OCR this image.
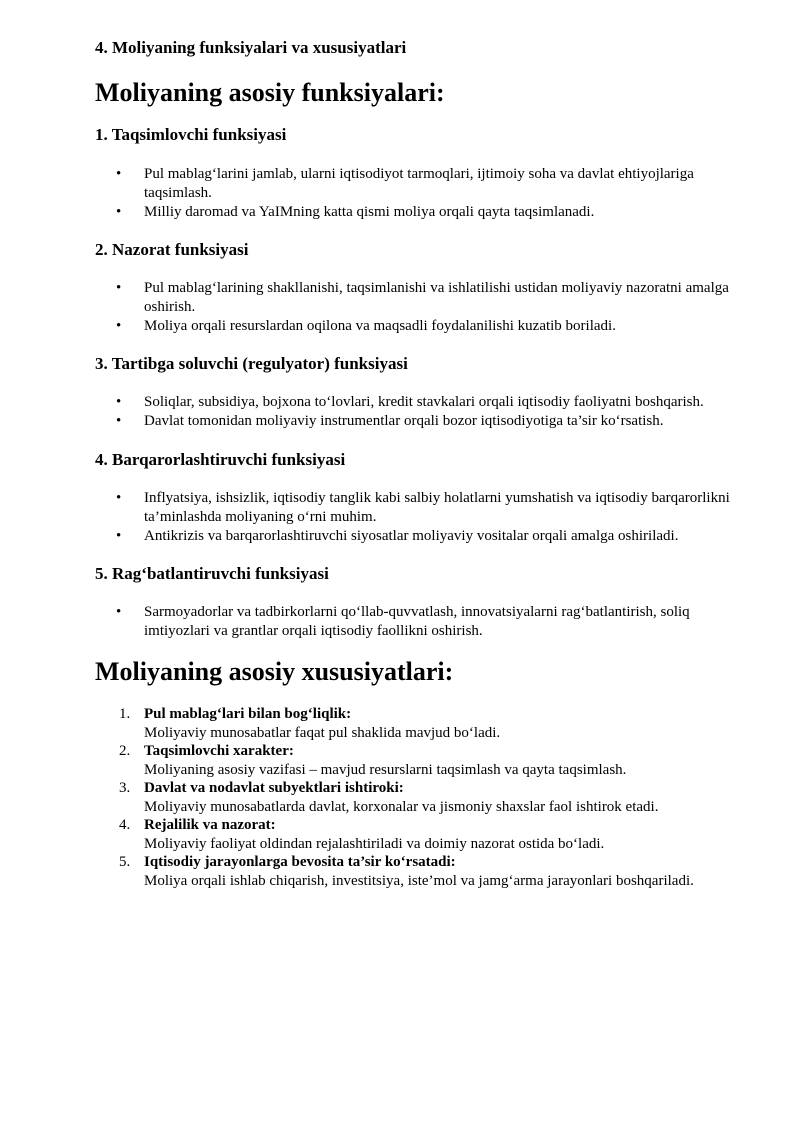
4. Moliyaning funksiyalari va xususiyatlari

Moliyaning asosiy funksiyalari:
1. Taqsimlovchi funksiyasi
• Pul mablag‘larini jamlab, ularni iqtisodiyot tarmoqlari, ijtimoiy soha va davlat ehtiyojlariga taqsimlash.
• Milliy daromad va YaIMning katta qismi moliya orqali qayta taqsimlanadi.
2. Nazorat funksiyasi
• Pul mablag‘larining shakllanishi, taqsimlanishi va ishlatilishi ustidan moliyaviy nazoratni amalga oshirish.
• Moliya orqali resurslardan oqilona va maqsadli foydalanilishi kuzatib boriladi.
3. Tartibga soluvchi (regulyator) funksiyasi
• Soliqlar, subsidiya, bojxona to‘lovlari, kredit stavkalari orqali iqtisodiy faoliyatni boshqarish.
• Davlat tomonidan moliyaviy instrumentlar orqali bozor iqtisodiyotiga ta’sir ko‘rsatish.
4. Barqarorlashtiruvchi funksiyasi
• Inflyatsiya, ishsizlik, iqtisodiy tanglik kabi salbiy holatlarni yumshatish va iqtisodiy barqarorlikni ta’minlashda moliyaning o‘rni muhim.
• Antikrizis va barqarorlashtiruvchi siyosatlar moliyaviy vositalar orqali amalga oshiriladi.
5. Rag‘batlantiruvchi funksiyasi
• Sarmoyadorlar va tadbirkorlarni qo‘llab-quvvatlash, innovatsiyalarni rag‘batlantirish, soliq imtiyozlari va grantlar orqali iqtisodiy faollikni oshirish.
Moliyaning asosiy xususiyatlari:
1. Pul mablag‘lari bilan bog‘liqlik:
Moliyaviy munosabatlar faqat pul shaklida mavjud bo‘ladi.
2. Taqsimlovchi xarakter:
Moliyaning asosiy vazifasi – mavjud resurslarni taqsimlash va qayta taqsimlash.
3. Davlat va nodavlat subyektlari ishtiroki:
Moliyaviy munosabatlarda davlat, korxonalar va jismoniy shaxslar faol ishtirok etadi.
4. Rejalilik va nazorat:
Moliyaviy faoliyat oldindan rejalashtiriladi va doimiy nazorat ostida bo‘ladi.
5. Iqtisodiy jarayonlarga bevosita ta’sir ko‘rsatadi:
Moliya orqali ishlab chiqarish, investitsiya, iste’mol va jamg‘arma jarayonlari boshqariladi.
